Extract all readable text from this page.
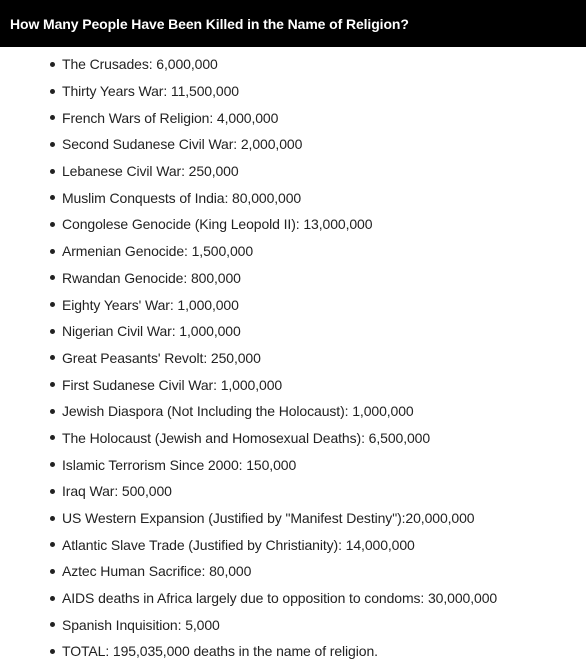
How Many People Have Been Killed in the Name of Religion?
The Crusades: 6,000,000
Thirty Years War: 11,500,000
French Wars of Religion: 4,000,000
Second Sudanese Civil War: 2,000,000
Lebanese Civil War: 250,000
Muslim Conquests of India: 80,000,000
Congolese Genocide (King Leopold II): 13,000,000
Armenian Genocide: 1,500,000
Rwandan Genocide: 800,000
Eighty Years' War: 1,000,000
Nigerian Civil War: 1,000,000
Great Peasants' Revolt: 250,000
First Sudanese Civil War: 1,000,000
Jewish Diaspora (Not Including the Holocaust): 1,000,000
The Holocaust (Jewish and Homosexual Deaths): 6,500,000
Islamic Terrorism Since 2000: 150,000
Iraq War: 500,000
US Western Expansion (Justified by "Manifest Destiny"):20,000,000
Atlantic Slave Trade (Justified by Christianity): 14,000,000
Aztec Human Sacrifice: 80,000
AIDS deaths in Africa largely due to opposition to condoms: 30,000,000
Spanish Inquisition: 5,000
TOTAL: 195,035,000 deaths in the name of religion.
